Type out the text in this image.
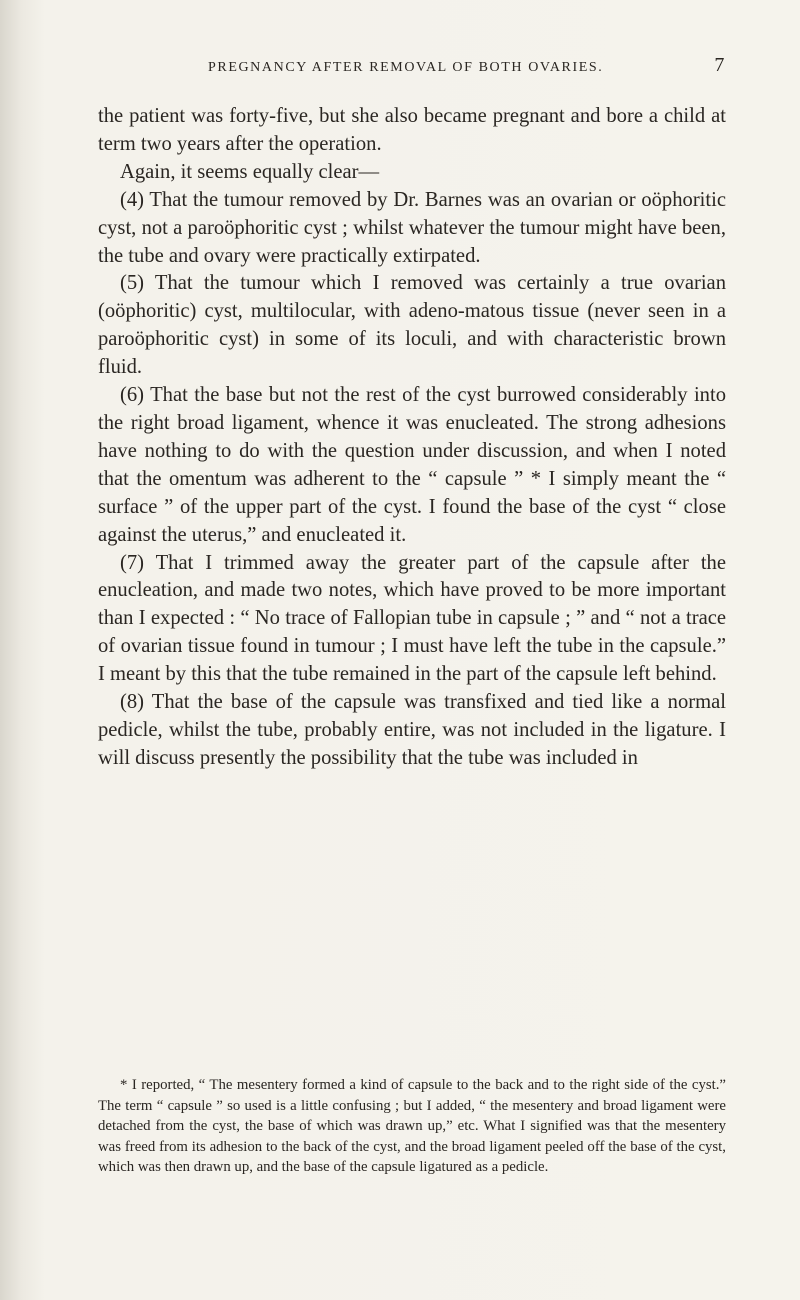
PREGNANCY AFTER REMOVAL OF BOTH OVARIES.	7

the patient was forty-five, but she also became pregnant and bore a child at term two years after the operation.

Again, it seems equally clear—

(4) That the tumour removed by Dr. Barnes was an ovarian or oöphoritic cyst, not a paroöphoritic cyst ; whilst whatever the tumour might have been, the tube and ovary were practically extirpated.

(5) That the tumour which I removed was certainly a true ovarian (oöphoritic) cyst, multilocular, with adeno-matous tissue (never seen in a paroöphoritic cyst) in some of its loculi, and with characteristic brown fluid.

(6) That the base but not the rest of the cyst burrowed considerably into the right broad ligament, whence it was enucleated. The strong adhesions have nothing to do with the question under discussion, and when I noted that the omentum was adherent to the “ capsule ” * I simply meant the “ surface ” of the upper part of the cyst. I found the base of the cyst “ close against the uterus,” and enucleated it.

(7) That I trimmed away the greater part of the capsule after the enucleation, and made two notes, which have proved to be more important than I expected : “ No trace of Fallopian tube in capsule ; ” and “ not a trace of ovarian tissue found in tumour ; I must have left the tube in the capsule.” I meant by this that the tube remained in the part of the capsule left behind.

(8) That the base of the capsule was transfixed and tied like a normal pedicle, whilst the tube, probably entire, was not included in the ligature. I will discuss presently the possibility that the tube was included in

* I reported, “ The mesentery formed a kind of capsule to the back and to the right side of the cyst.” The term “ capsule ” so used is a little confusing ; but I added, “ the mesentery and broad ligament were detached from the cyst, the base of which was drawn up,” etc. What I signified was that the mesentery was freed from its adhesion to the back of the cyst, and the broad ligament peeled off the base of the cyst, which was then drawn up, and the base of the capsule ligatured as a pedicle.
